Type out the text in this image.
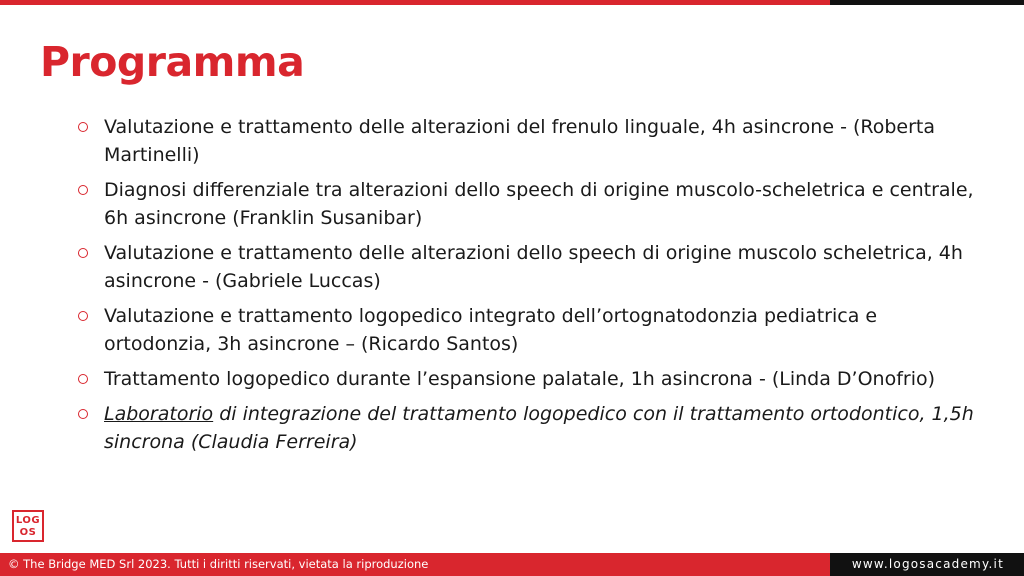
Programma
Valutazione e trattamento delle alterazioni del frenulo linguale, 4h asincrone - (Roberta Martinelli)
Diagnosi differenziale tra alterazioni dello speech di origine muscolo-scheletrica e centrale, 6h asincrone (Franklin Susanibar)
Valutazione e trattamento delle alterazioni dello speech di origine muscolo scheletrica, 4h asincrone - (Gabriele Luccas)
Valutazione e trattamento logopedico integrato dell’ortognatodonzia pediatrica e ortodonzia, 3h asincrone – (Ricardo Santos)
Trattamento logopedico durante l’espansione palatale, 1h asincrona - (Linda D’Onofrio)
Laboratorio di integrazione del trattamento logopedico con il trattamento ortodontico, 1,5h sincrona (Claudia Ferreira)
LOG
OS
© The Bridge MED Srl 2023. Tutti i diritti riservati, vietata la riproduzione	www.logosacademy.it
